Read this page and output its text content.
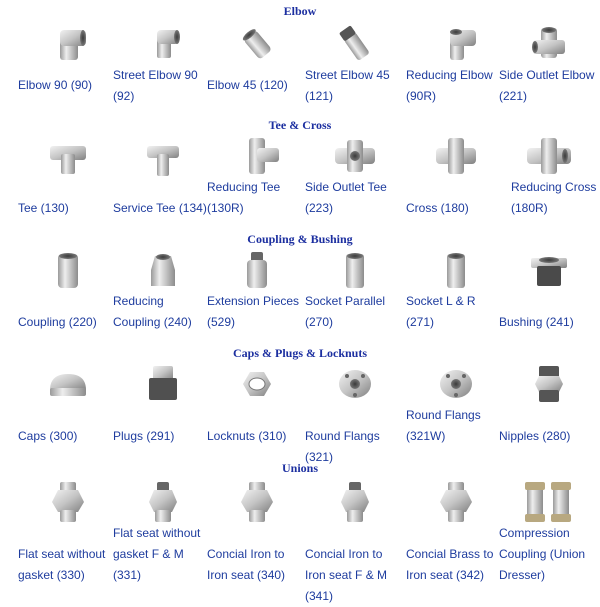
Elbow
Elbow 90 (90)
Street Elbow 90 (92)
Elbow 45 (120)
Street Elbow 45 (121)
Reducing Elbow (90R)
Side Outlet Elbow (221)
Tee & Cross
Tee (130)	Service Tee (134)
Reducing Tee (130R)
Side Outlet Tee (223)	Cross (180)
Reducing Cross (180R)
Coupling & Bushing
Coupling (220)
Reducing Coupling (240)
Extension Pieces (529)
Socket Parallel (270)
Socket L & R (271)	Bushing (241)
Caps & Plugs & Locknuts
Caps (300)	Plugs (291)	Locknuts (310)	Round Flangs (321)
Round Flangs (321W)	Nipples (280)
Unions
Flat seat without gasket (330)
Flat seat without gasket F & M (331)
Concial Iron to Iron seat (340)
Concial Iron to Iron seat F & M (341)
Concial Brass to Iron seat (342)
Compression Coupling (Union Dresser)
